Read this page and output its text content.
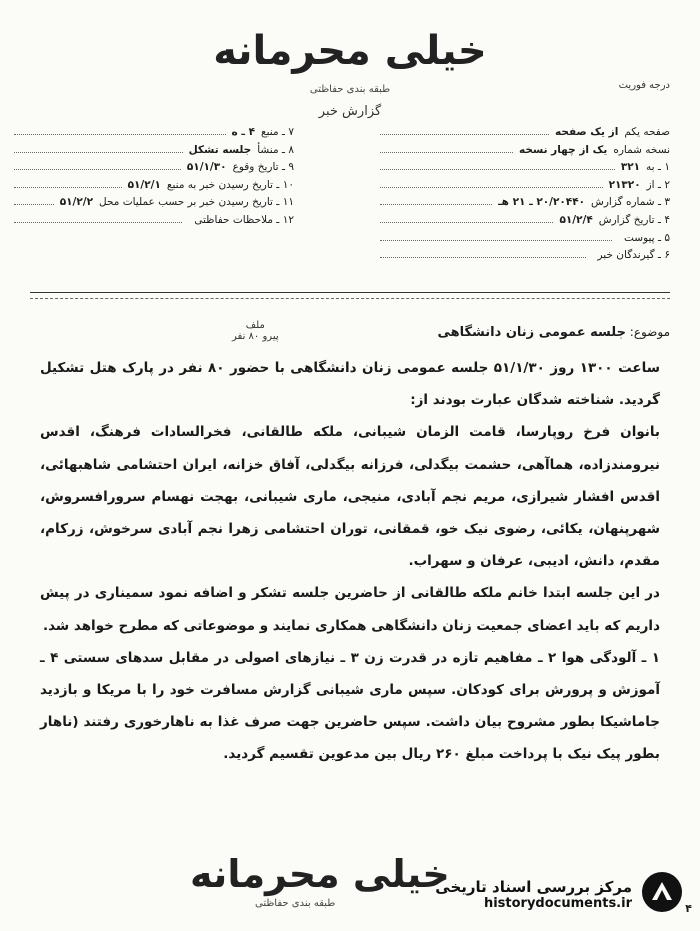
خیلی محرمانه
طبقه بندی حفاظتی
گزارش خبر
درجه فوریت
صفحه یکم
از یک صفحه
نسخه شماره
یک از چهار نسخه
۱ ـ به
۳۲۱
۲ ـ از
۲۱۳۲۰
۳ ـ شماره گزارش
۲۰/۲۰۴۴۰ ـ ۲۱ هـ
۴ ـ تاریخ گزارش
۵۱/۲/۴
۵ ـ پیوست
۶ ـ گیرندگان خبر
۷ ـ منبع
۴ ـ ه
۸ ـ منشأ
جلسه تشکل
۹ ـ تاریخ وقوع
۵۱/۱/۳۰
۱۰ ـ تاریخ رسیدن خبر به منبع
۵۱/۲/۱
۱۱ ـ تاریخ رسیدن خبر بر حسب عملیات محل
۵۱/۲/۲
۱۲ ـ ملاحظات حفاظتی
موضوع: جلسه عمومی زنان دانشگاهی
ملف
پیرو ۸۰ نفر

ساعت ۱۳۰۰ روز ۵۱/۱/۳۰ جلسه عمومی زنان دانشگاهی با حضور ۸۰ نفر در پارک هتل تشکیل گردید. شناخته شدگان عبارت بودند از:

بانوان فرخ روپارسا، قامت الزمان شیبانی، ملکه طالقانی، فخرالسادات فرهنگ، اقدس نیرومندزاده، هماآهی، حشمت بیگدلی، فرزانه بیگدلی، آفاق خزانه، ایران احتشامی شاهبهائی، اقدس افشار شیرازی، مریم نجم آبادی، منیجی، ماری شیبانی، بهجت نهسام سرورافسروش، شهرپنهان، یکائی، رضوی نیک خو، قمقانی، توران احتشامی زهرا نجم آبادی سرخوش، زرکام، مقدم، دانش، ادیبی، عرفان و سهراب.

در این جلسه ابتدا خانم ملکه طالقانی از حاضرین جلسه تشکر و اضافه نمود سمیناری در پیش داریم که باید اعضای جمعیت زنان دانشگاهی همکاری نمایند و موضوعاتی که مطرح خواهد شد.

۱ ـ آلودگی هوا ۲ ـ مفاهیم تازه در قدرت زن ۳ ـ نیازهای اصولی در مقابل سدهای سستی ۴ ـ آموزش و پرورش برای کودکان. سپس ماری شیبانی گزارش مسافرت خود را با مریکا و بازدید جاماشیکا بطور مشروح بیان داشت. سپس حاضرین جهت صرف غذا به ناهارخوری رفتند (ناهار بطور پیک نیک با پرداخت مبلغ ۲۶۰ ریال بین مدعوین تقسیم گردید.

خیلی محرمانه
طبقه بندی حفاظتی
مرکز بررسی اسناد تاریخی
historydocuments.ir	۴
